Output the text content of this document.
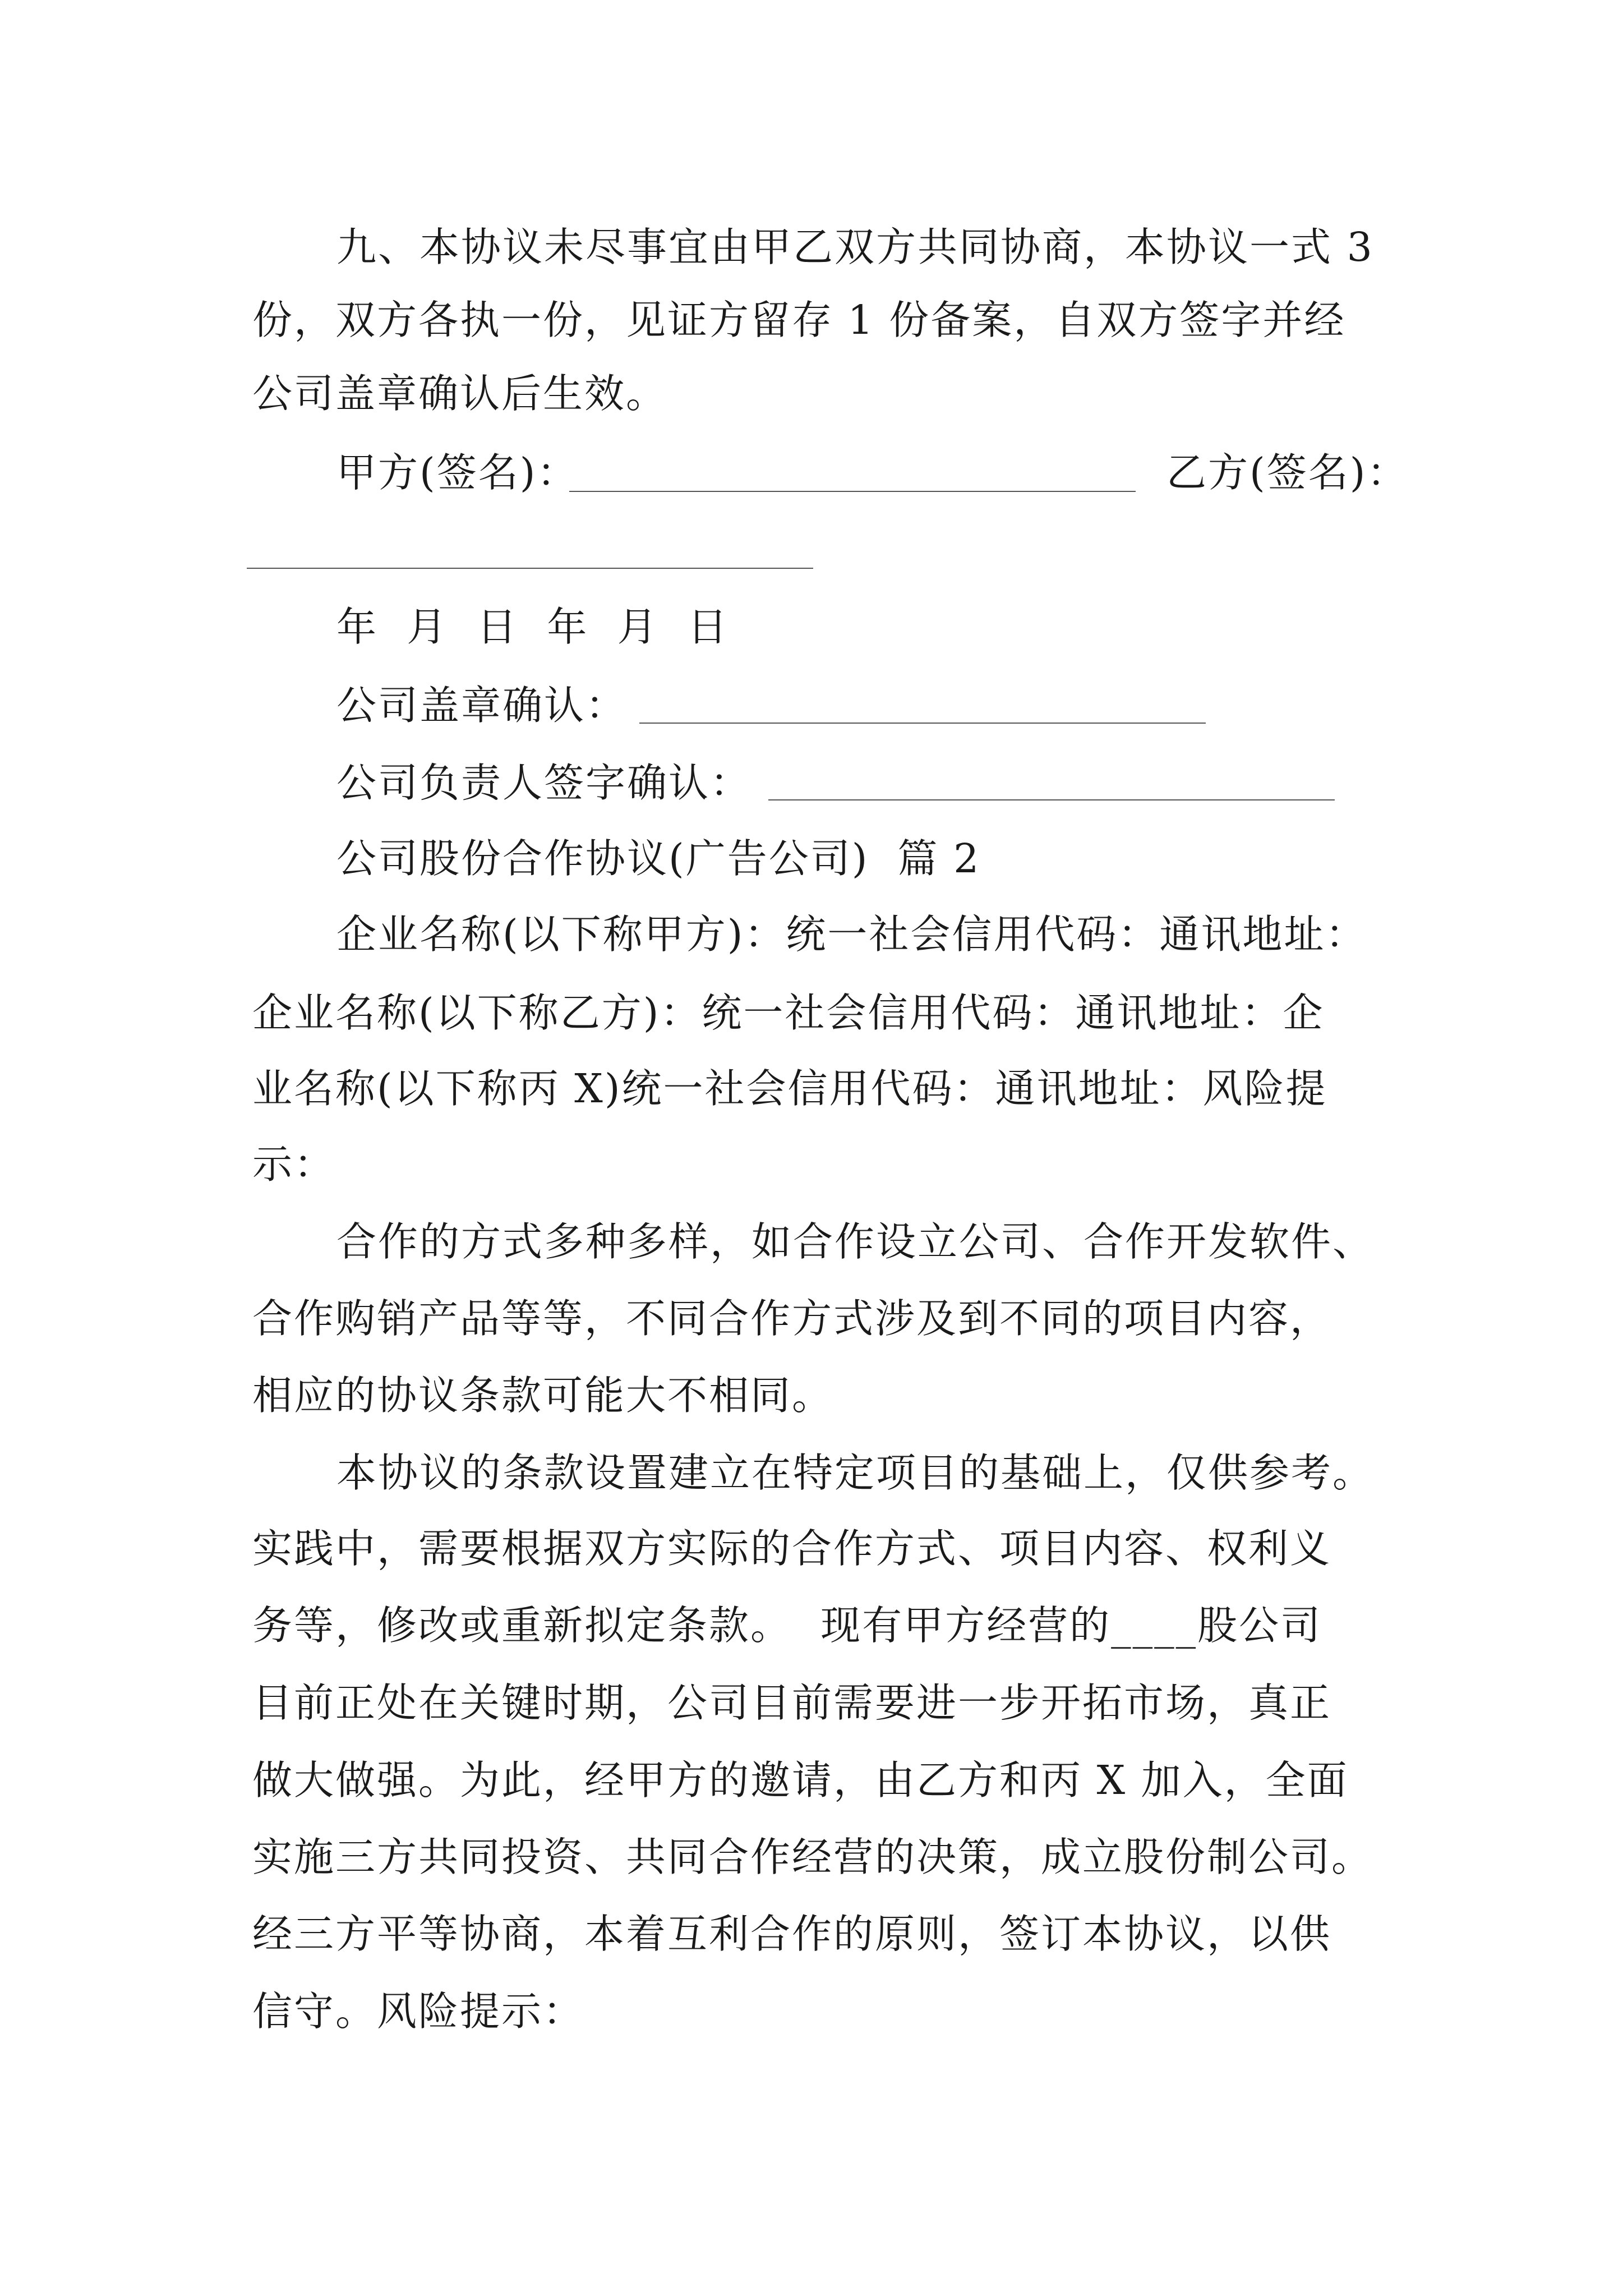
九、本协议未尽事宜由甲乙双方共同协商，本协议一式 3
份，双方各执一份，见证方留存 1 份备案，自双方签字并经
公司盖章确认后生效。
甲方(签名)：	乙方(签名)：
年  月  日  年  月  日
公司盖章确认：
公司负责人签字确认：
公司股份合作协议(广告公司)  篇 2
企业名称(以下称甲方)：统一社会信用代码：通讯地址：
企业名称(以下称乙方)：统一社会信用代码：通讯地址：企
业名称(以下称丙 X)统一社会信用代码：通讯地址：风险提
示：
合作的方式多种多样，如合作设立公司、合作开发软件、
合作购销产品等等，不同合作方式涉及到不同的项目内容，
相应的协议条款可能大不相同。
本协议的条款设置建立在特定项目的基础上，仅供参考。
实践中，需要根据双方实际的合作方式、项目内容、权利义
务等，修改或重新拟定条款。  现有甲方经营的____股公司
目前正处在关键时期，公司目前需要进一步开拓市场，真正
做大做强。为此，经甲方的邀请，由乙方和丙 X 加入，全面
实施三方共同投资、共同合作经营的决策，成立股份制公司。
经三方平等协商，本着互利合作的原则，签订本协议，以供
信守。风险提示：
